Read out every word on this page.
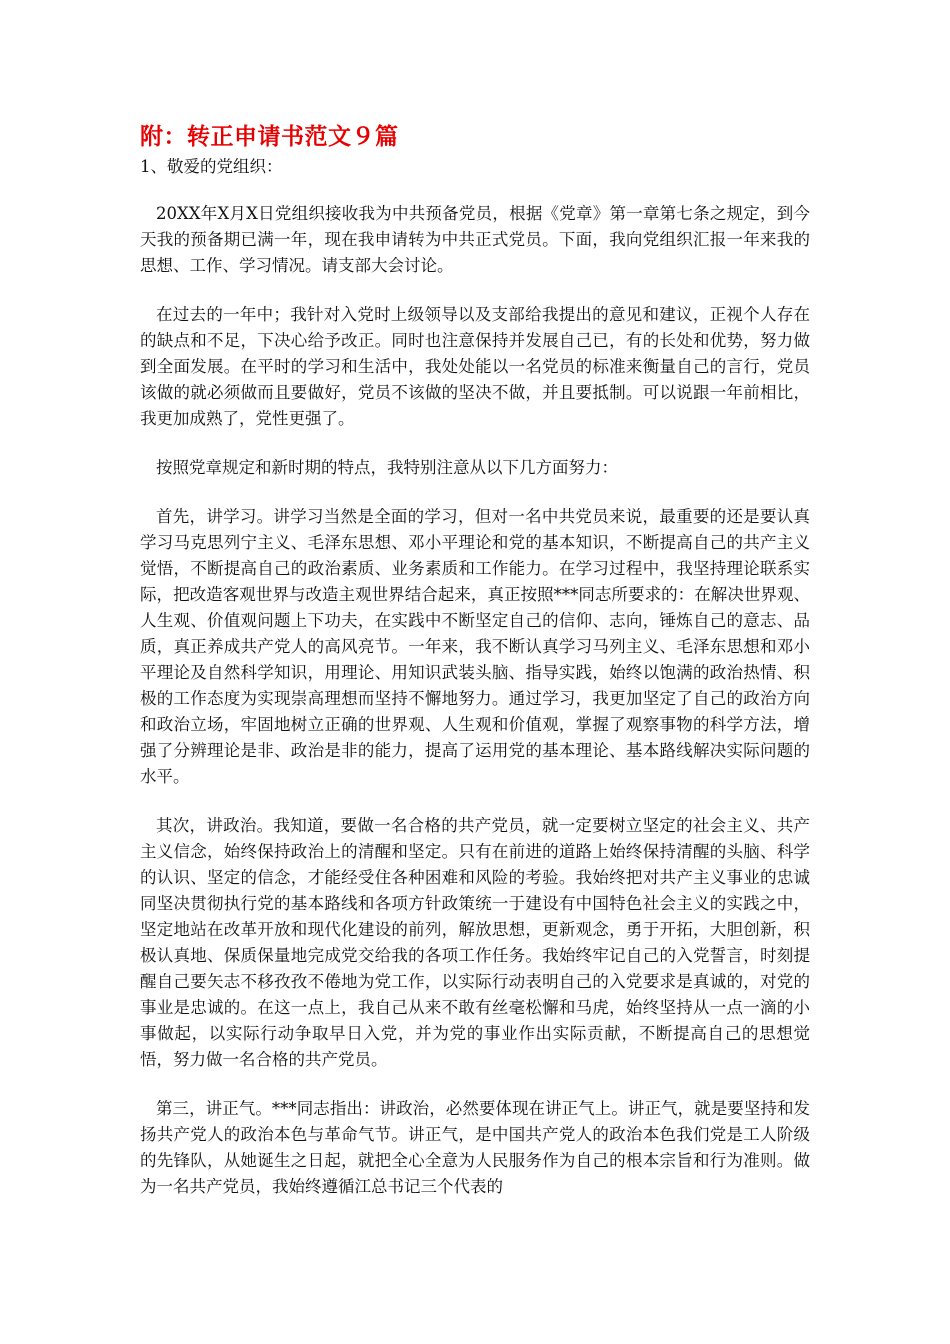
附：转正申请书范文９篇

1、敬爱的党组织：

20XX年X月X日党组织接收我为中共预备党员，根据《党章》第一章第七条之规定，到今天我的预备期已满一年，现在我申请转为中共正式党员。下面，我向党组织汇报一年来我的思想、工作、学习情况。请支部大会讨论。

在过去的一年中；我针对入党时上级领导以及支部给我提出的意见和建议，正视个人存在的缺点和不足，下决心给予改正。同时也注意保持并发展自己已，有的长处和优势，努力做到全面发展。在平时的学习和生活中，我处处能以一名党员的标准来衡量自己的言行，党员该做的就必须做而且要做好，党员不该做的坚决不做，并且要抵制。可以说跟一年前相比，我更加成熟了，党性更强了。

按照党章规定和新时期的特点，我特别注意从以下几方面努力：

首先，讲学习。讲学习当然是全面的学习，但对一名中共党员来说，最重要的还是要认真学习马克思列宁主义、毛泽东思想、邓小平理论和党的基本知识，不断提高自己的共产主义觉悟，不断提高自己的政治素质、业务素质和工作能力。在学习过程中，我坚持理论联系实际，把改造客观世界与改造主观世界结合起来，真正按照***同志所要求的：在解决世界观、人生观、价值观问题上下功夫，在实践中不断坚定自己的信仰、志向，锤炼自己的意志、品质，真正养成共产党人的高风亮节。一年来，我不断认真学习马列主义、毛泽东思想和邓小平理论及自然科学知识，用理论、用知识武装头脑、指导实践，始终以饱满的政治热情、积极的工作态度为实现崇高理想而坚持不懈地努力。通过学习，我更加坚定了自己的政治方向和政治立场，牢固地树立正确的世界观、人生观和价值观，掌握了观察事物的科学方法，增强了分辨理论是非、政治是非的能力，提高了运用党的基本理论、基本路线解决实际问题的水平。

其次，讲政治。我知道，要做一名合格的共产党员，就一定要树立坚定的社会主义、共产主义信念，始终保持政治上的清醒和坚定。只有在前进的道路上始终保持清醒的头脑、科学的认识、坚定的信念，才能经受住各种困难和风险的考验。我始终把对共产主义事业的忠诚同坚决贯彻执行党的基本路线和各项方针政策统一于建设有中国特色社会主义的实践之中，坚定地站在改革开放和现代化建设的前列，解放思想，更新观念，勇于开拓，大胆创新，积极认真地、保质保量地完成党交给我的各项工作任务。我始终牢记自己的入党誓言，时刻提醒自己要矢志不移孜孜不倦地为党工作，以实际行动表明自己的入党要求是真诚的，对党的事业是忠诚的。在这一点上，我自己从来不敢有丝毫松懈和马虎，始终坚持从一点一滴的小事做起，以实际行动争取早日入党，并为党的事业作出实际贡献，不断提高自己的思想觉悟，努力做一名合格的共产党员。

第三，讲正气。***同志指出：讲政治，必然要体现在讲正气上。讲正气，就是要坚持和发扬共产党人的政治本色与革命气节。讲正气，是中国共产党人的政治本色我们党是工人阶级的先锋队，从她诞生之日起，就把全心全意为人民服务作为自己的根本宗旨和行为准则。做为一名共产党员，我始终遵循江总书记三个代表的
